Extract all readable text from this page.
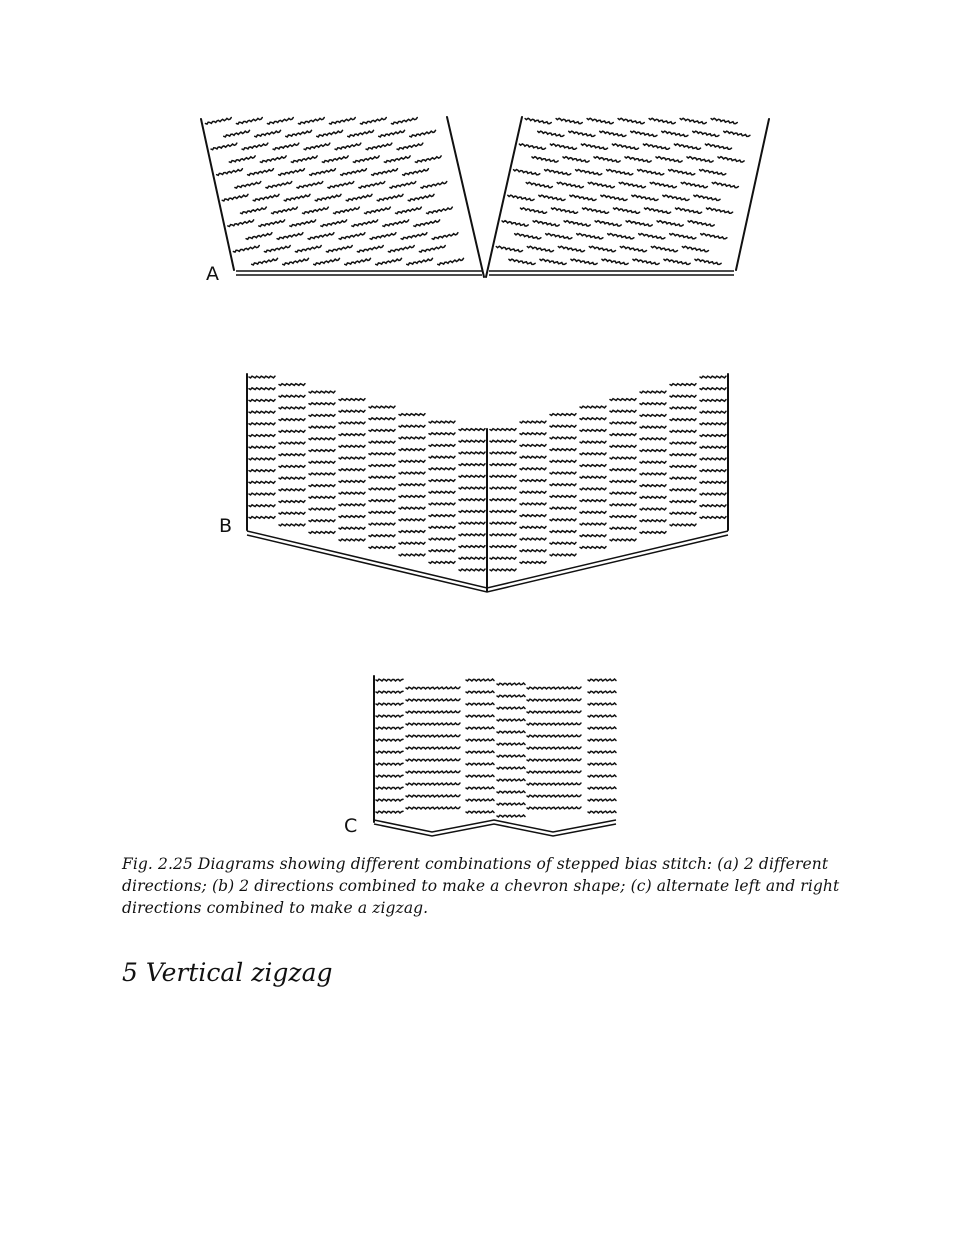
A
B
C
Fig. 2.25 Diagrams showing different combinations of stepped bias stitch: (a) 2 different
directions; (b) 2 directions combined to make a chevron shape; (c) alternate left and right
directions combined to make a zigzag.
5 Vertical zigzag
